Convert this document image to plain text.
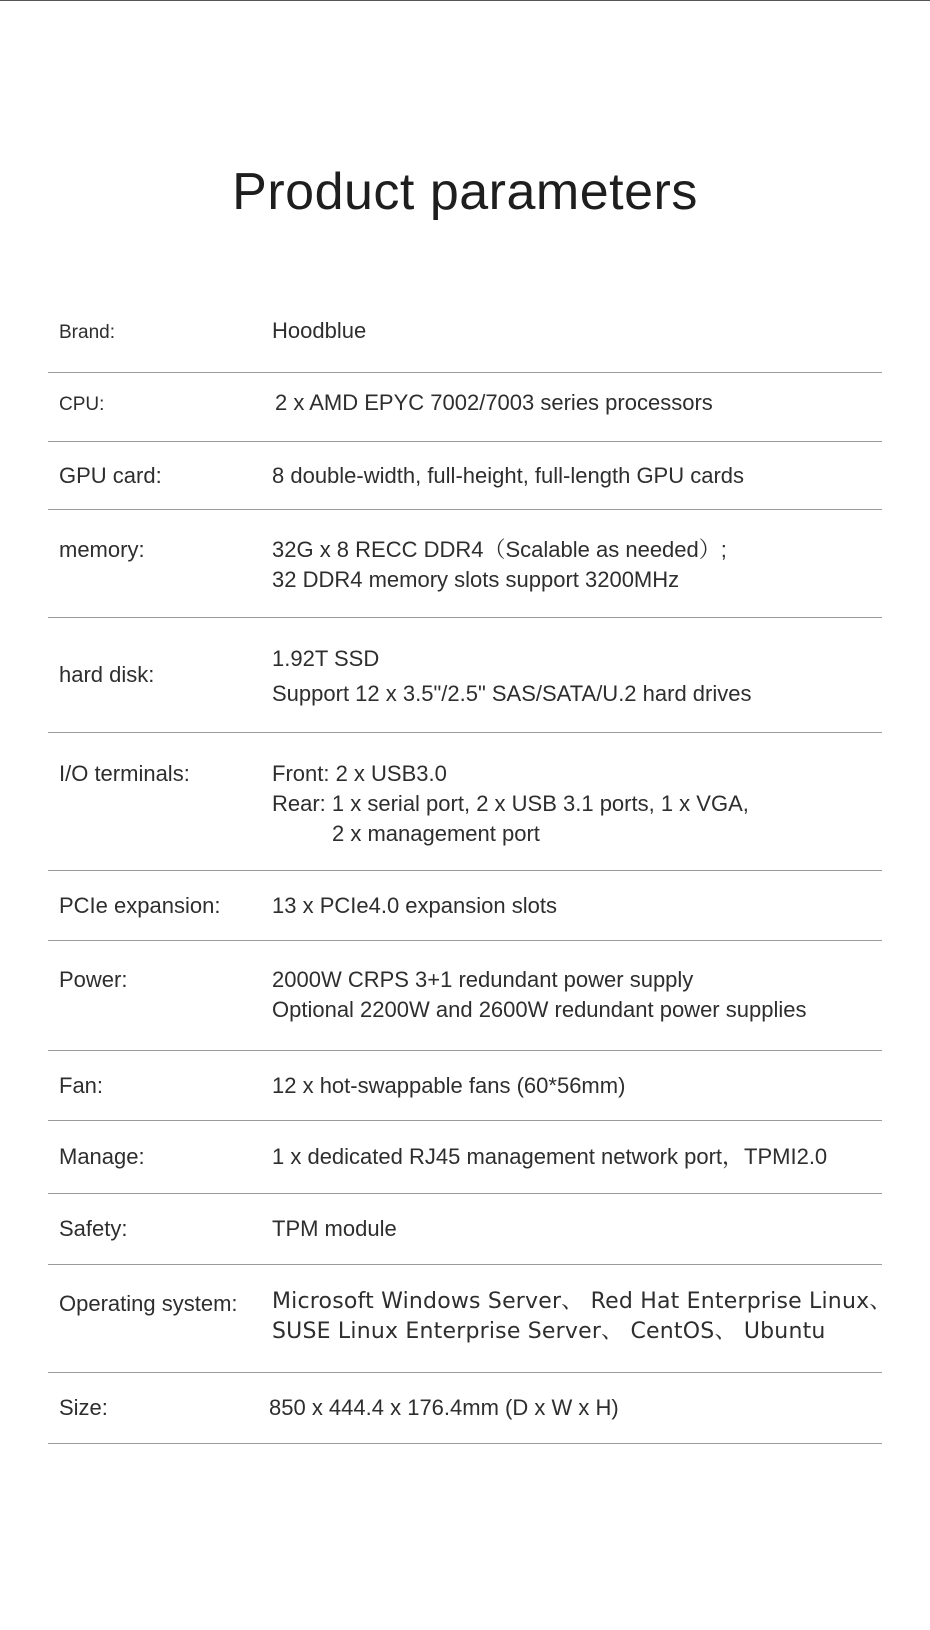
Product parameters
Brand:	Hoodblue
CPU:	2 x AMD EPYC 7002/7003 series processors
GPU card:	8 double-width, full-height, full-length GPU cards
memory:	32G x 8 RECC DDR4（Scalable as needed）;
32 DDR4 memory slots support 3200MHz
hard disk:
1.92T SSD
Support 12 x 3.5"/2.5" SAS/SATA/U.2 hard drives
I/O terminals:	Front: 2 x USB3.0
Rear: 1 x serial port, 2 x USB 3.1 ports, 1 x VGA,
2 x management port
PCIe expansion: 13 x PCIe4.0 expansion slots
Power:	2000W CRPS 3+1 redundant power supply
Optional 2200W and 2600W redundant power supplies
Fan:	12 x hot-swappable fans (60*56mm)
Manage:	1 x dedicated RJ45 management network port，TPMI2.0
Safety:	TPM module
Operating system: Microsoft Windows Server、 Red Hat Enterprise Linux、
SUSE Linux Enterprise Server、 CentOS、 Ubuntu
Size:	850 x 444.4 x 176.4mm (D x W x H)
